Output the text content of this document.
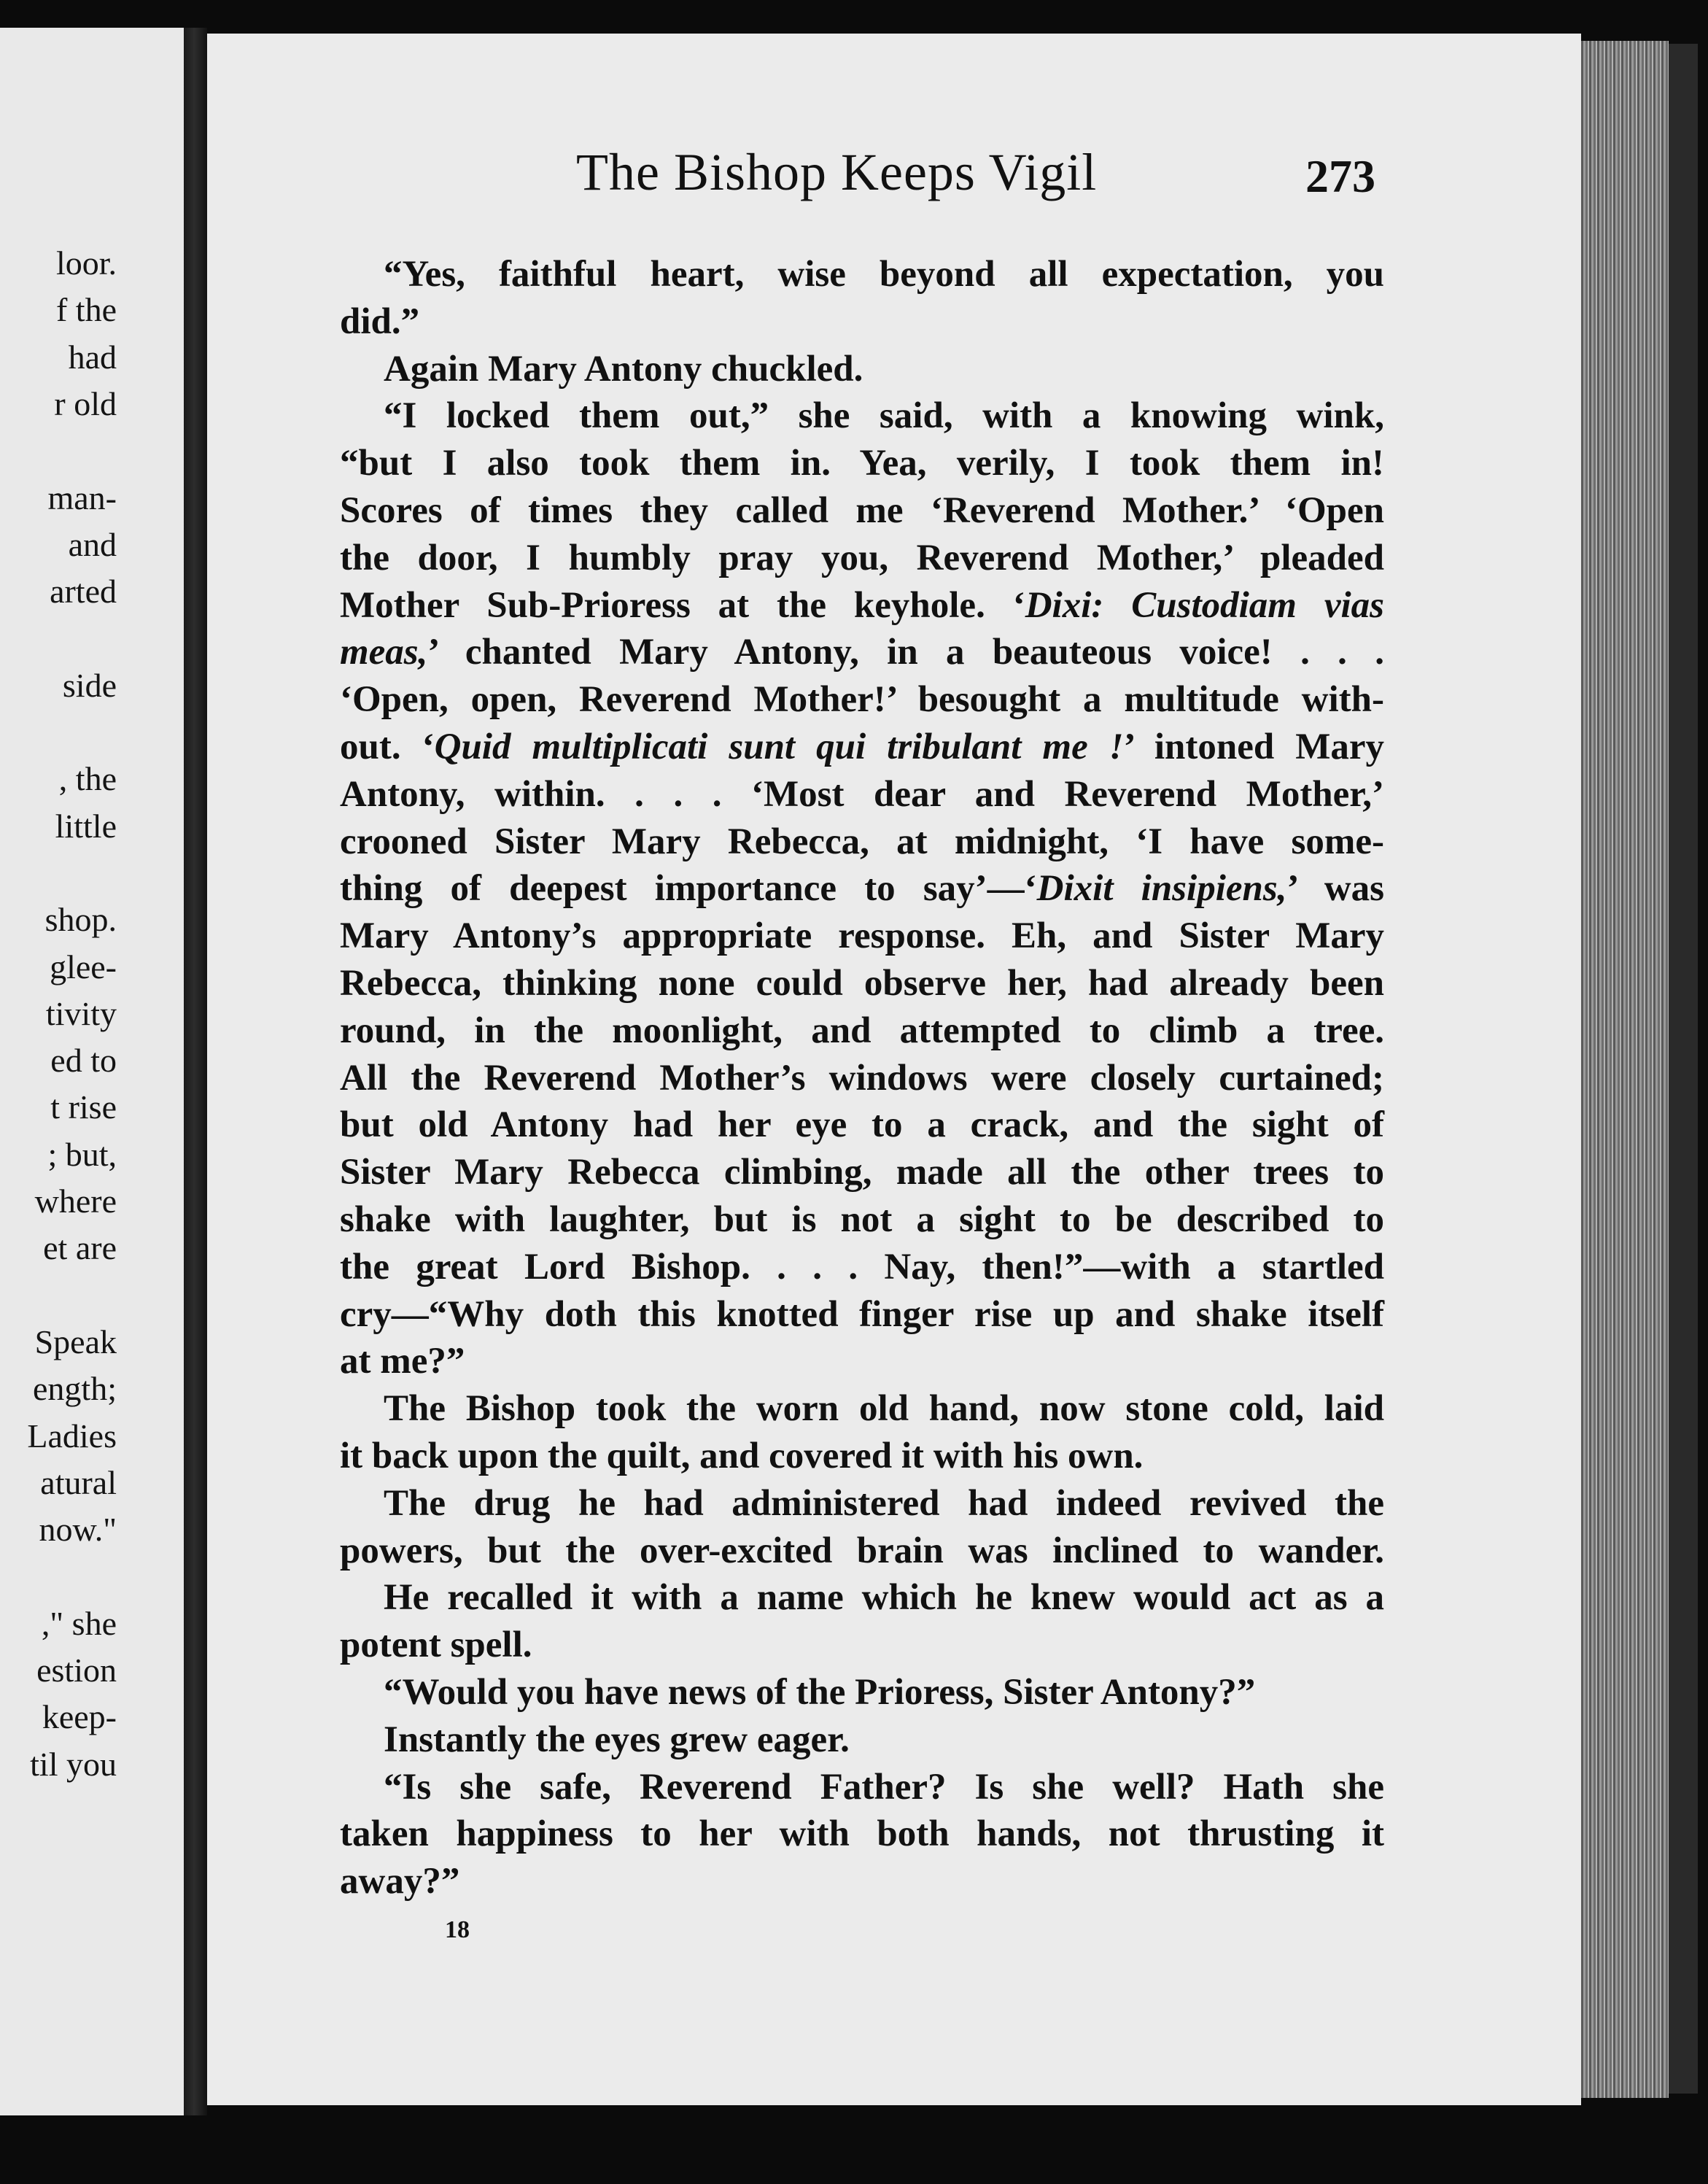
loor.
f the
had
r old
man-
and
arted
side
, the
little
shop.
glee-
tivity
ed to
t rise
; but,
where
et are
Speak
ength;
Ladies
atural
now."
," she
estion
keep-
til you
The Bishop Keeps Vigil	273
“Yes, faithful heart, wise beyond all expectation, you
did.”
Again Mary Antony chuckled.
“I locked them out,” she said, with a knowing wink,
“but I also took them in. Yea, verily, I took them in!
Scores of times they called me ‘Reverend Mother.’ ‘Open
the door, I humbly pray you, Reverend Mother,’ pleaded
Mother Sub-Prioress at the keyhole. ‘Dixi: Custodiam vias
meas,’ chanted Mary Antony, in a beauteous voice! . . .
‘Open, open, Reverend Mother!’ besought a multitude with-
out. ‘Quid multiplicati sunt qui tribulant me !’ intoned Mary
Antony, within. . . . ‘Most dear and Reverend Mother,’
crooned Sister Mary Rebecca, at midnight, ‘I have some-
thing of deepest importance to say’—‘Dixit insipiens,’ was
Mary Antony’s appropriate response. Eh, and Sister Mary
Rebecca, thinking none could observe her, had already been
round, in the moonlight, and attempted to climb a tree.
All the Reverend Mother’s windows were closely curtained;
but old Antony had her eye to a crack, and the sight of
Sister Mary Rebecca climbing, made all the other trees to
shake with laughter, but is not a sight to be described to
the great Lord Bishop. . . . Nay, then!”—with a startled
cry—“Why doth this knotted finger rise up and shake itself
at me?”
The Bishop took the worn old hand, now stone cold, laid
it back upon the quilt, and covered it with his own.
The drug he had administered had indeed revived the
powers, but the over-excited brain was inclined to wander.
He recalled it with a name which he knew would act as a
potent spell.
“Would you have news of the Prioress, Sister Antony?”
Instantly the eyes grew eager.
“Is she safe, Reverend Father? Is she well? Hath she
taken happiness to her with both hands, not thrusting it
away?”
18
